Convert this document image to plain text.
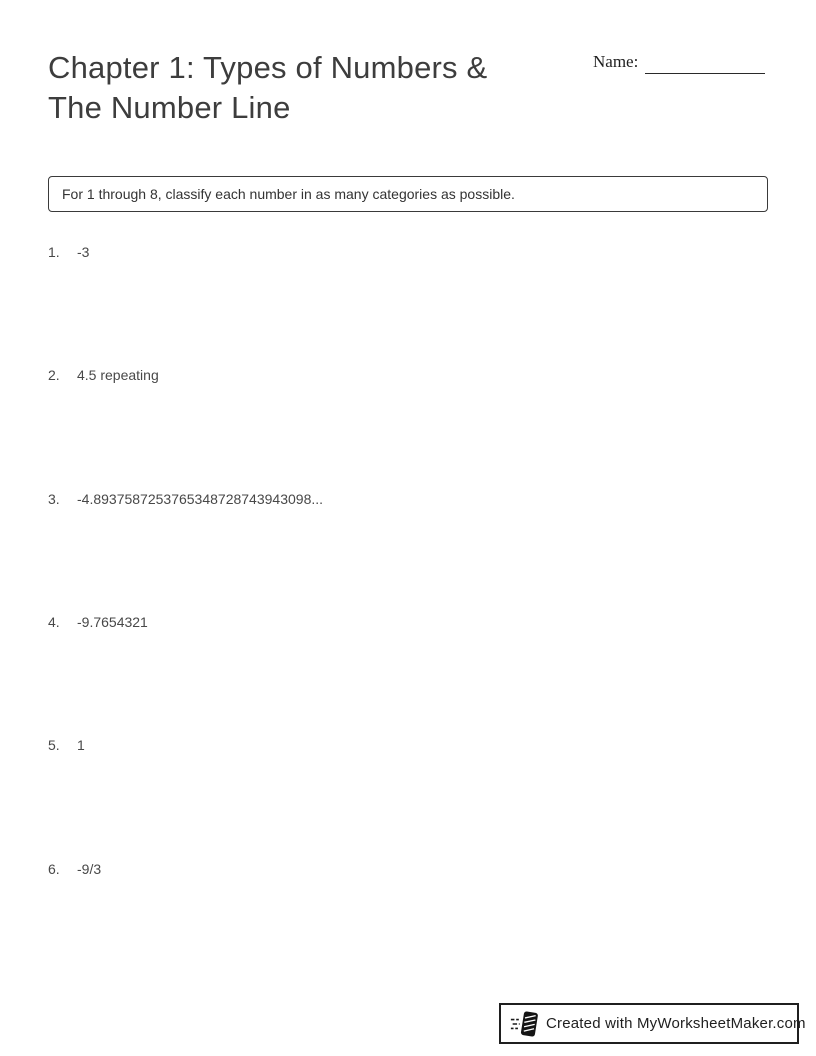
Chapter 1: Types of Numbers &
The Number Line
Name:
For 1 through 8, classify each number in as many categories as possible.
1.	-3
2.	4.5 repeating
3.	-4.8937587253765348728743943098...
4.	-9.7654321
5.	1
6.	-9/3
Created with MyWorksheetMaker.com
